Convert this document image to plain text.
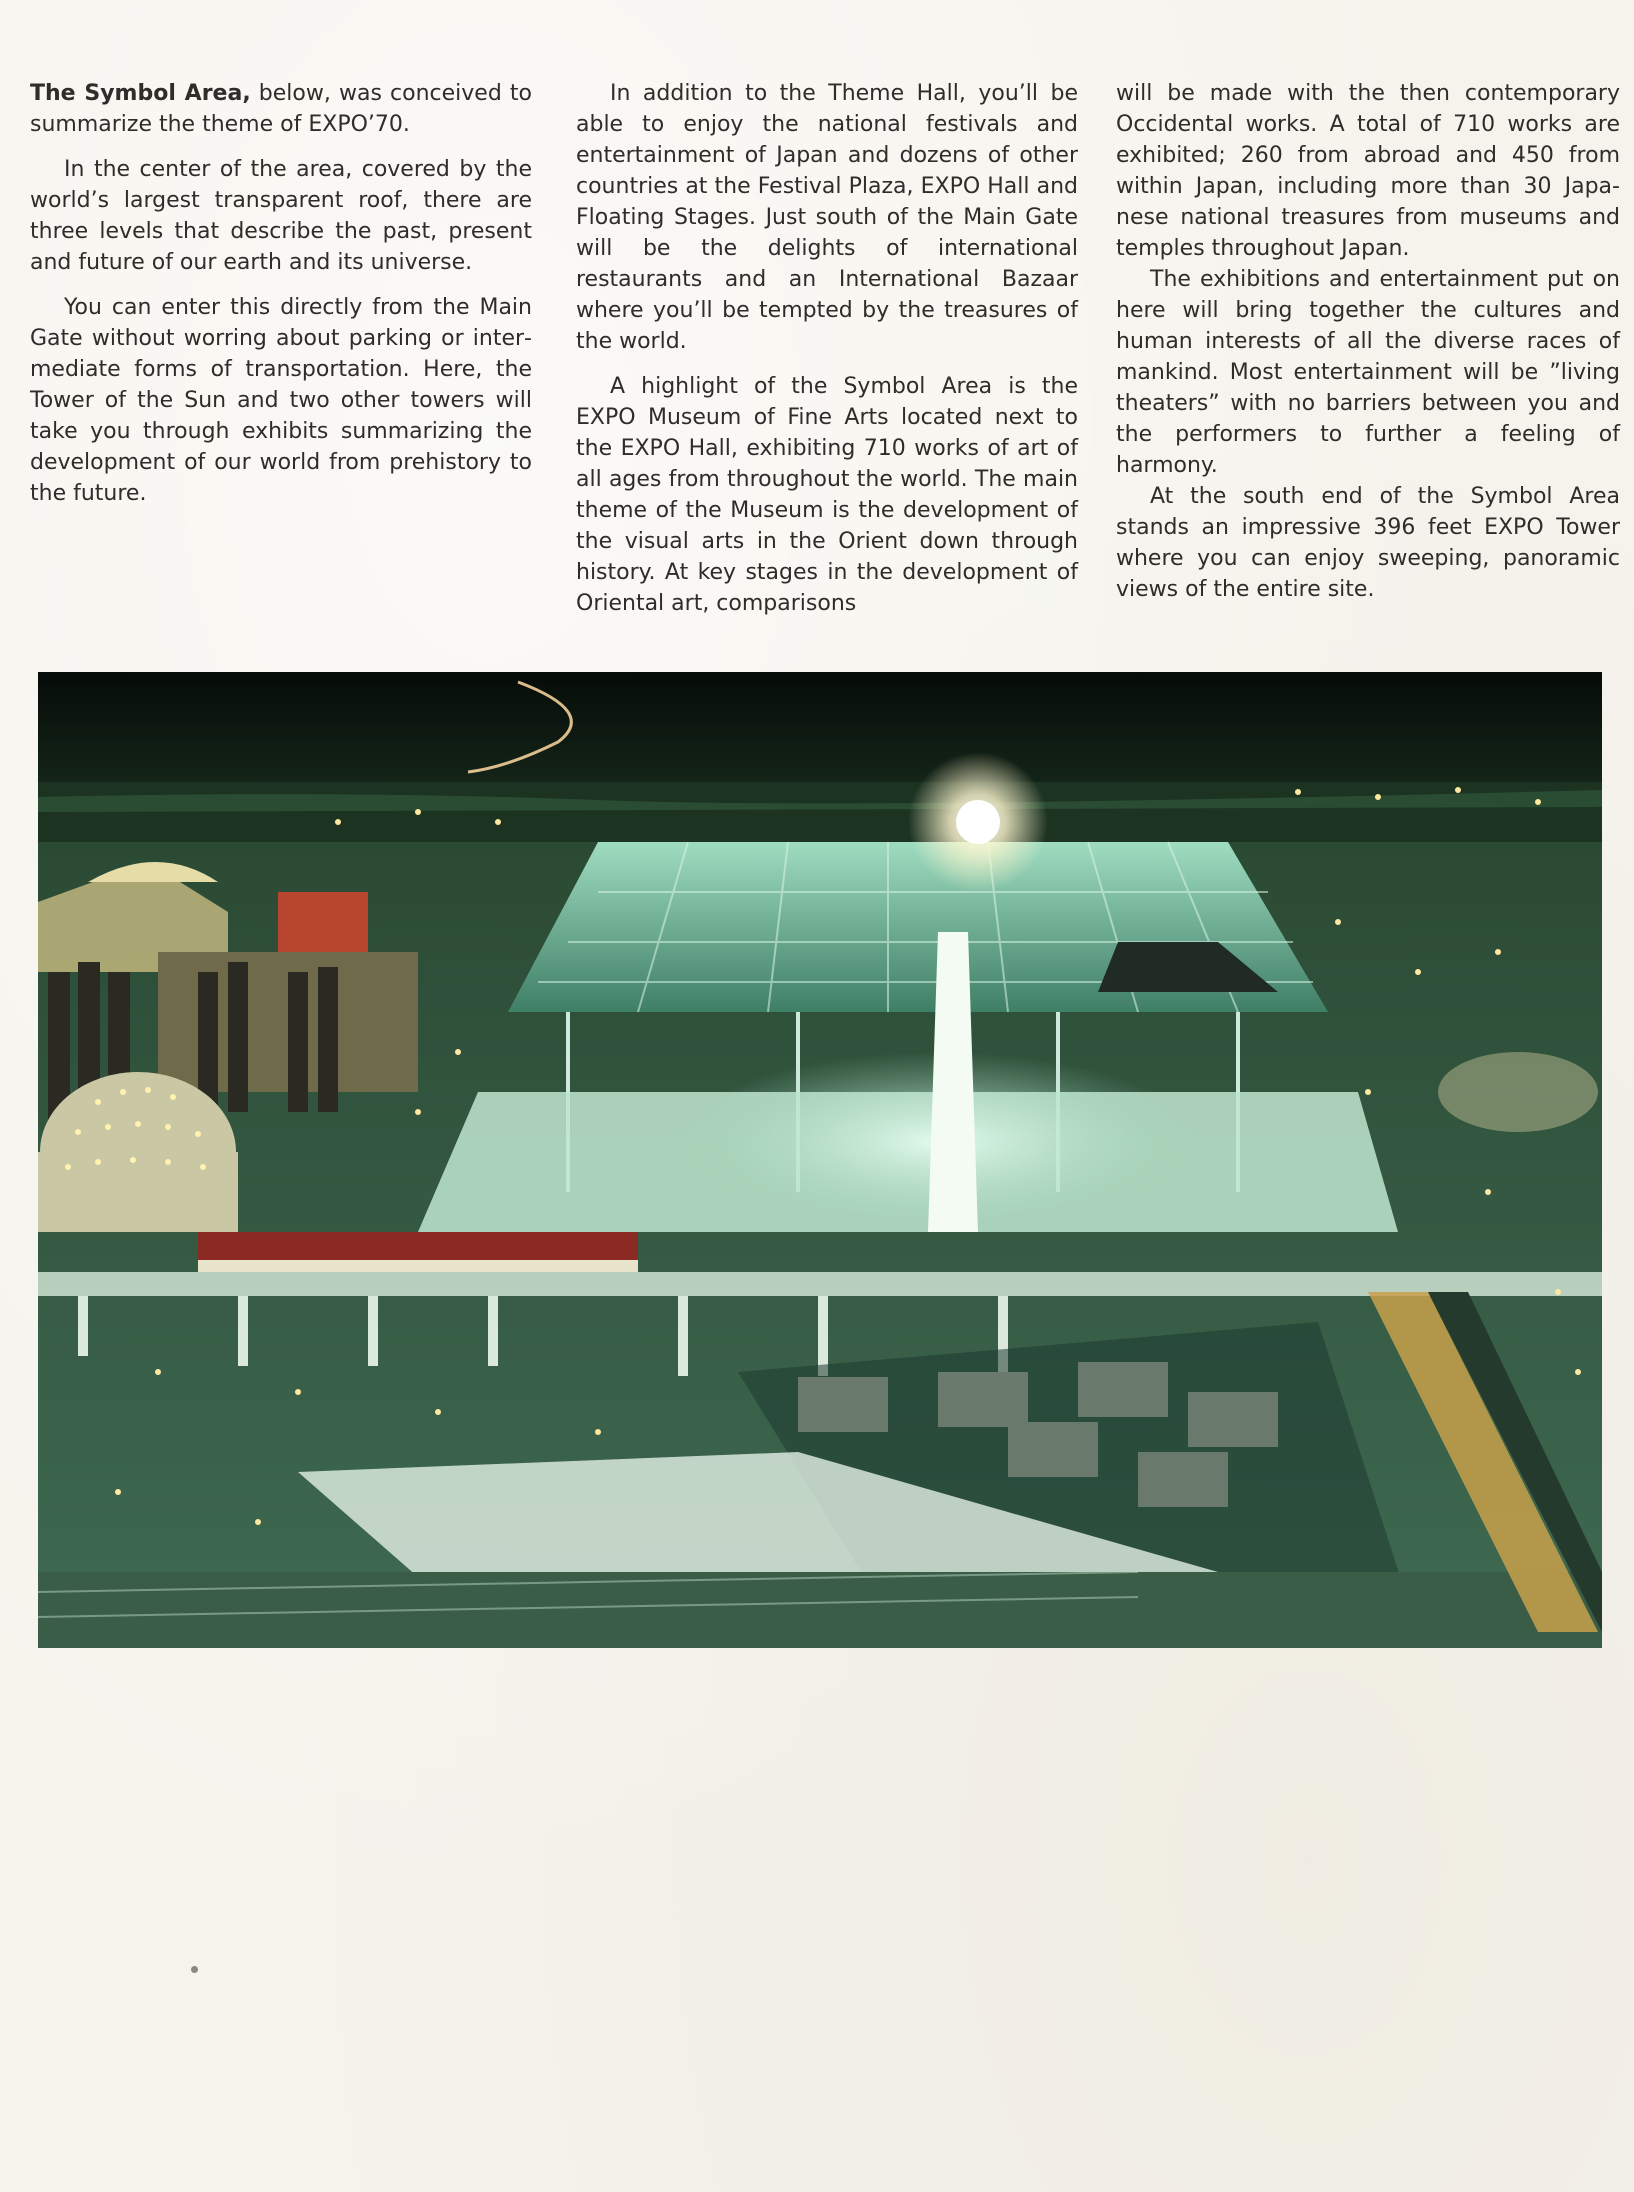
The Symbol Area, below, was conceived to summarize the theme of EXPO’70.

In the center of the area, covered by the world’s largest transparent roof, there are three levels that describe the past, present and future of our earth and its universe.

You can enter this directly from the Main Gate without worring about parking or intermediate forms of transportation. Here, the Tower of the Sun and two other towers will take you through exhibits summarizing the development of our world from prehistory to the future.

In addition to the Theme Hall, you’ll be able to enjoy the national festivals and entertainment of Japan and dozens of other countries at the Festival Plaza, EXPO Hall and Floating Stages. Just south of the Main Gate will be the delights of international restaurants and an International Bazaar where you’ll be tempted by the treasures of the world.

A highlight of the Symbol Area is the EXPO Museum of Fine Arts located next to the EXPO Hall, exhibiting 710 works of art of all ages from throughout the world. The main theme of the Museum is the development of the visual arts in the Orient down through history. At key stages in the development of Oriental art, comparisons

will be made with the then contemporary Occidental works. A total of 710 works are exhibited; 260 from abroad and 450 from within Japan, including more than 30 Japanese national treasures from museums and temples throughout Japan.

The exhibitions and entertainment put on here will bring together the cultures and human interests of all the diverse races of mankind. Most entertainment will be ”living theaters” with no barriers between you and the performers to further a feeling of harmony.

At the south end of the Symbol Area stands an impressive 396 feet EXPO Tower where you can enjoy sweeping, panoramic views of the entire site.
